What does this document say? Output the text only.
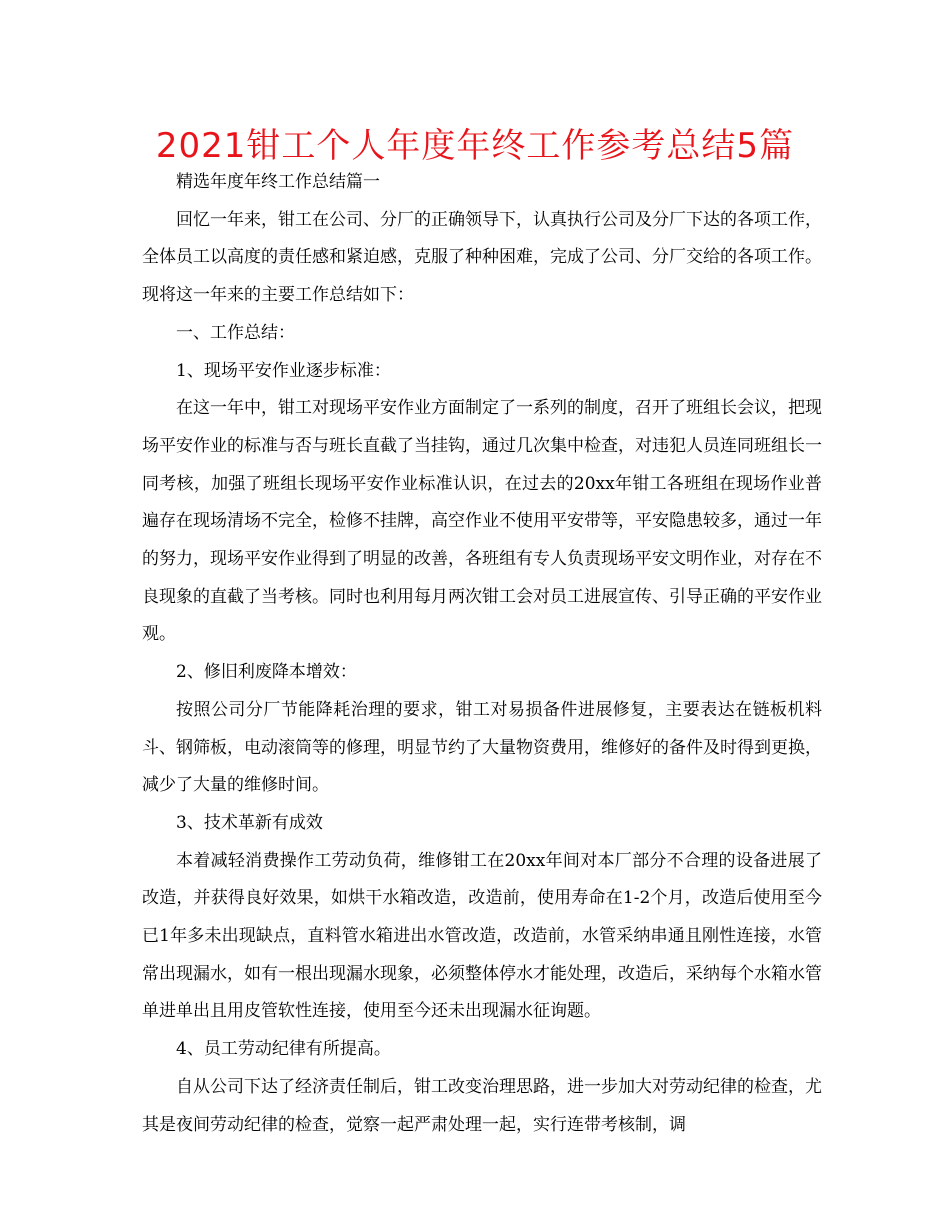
2021钳工个人年度年终工作参考总结5篇

精选年度年终工作总结篇一

回忆一年来，钳工在公司、分厂的正确领导下，认真执行公司及分厂下达的各项工作，全体员工以高度的责任感和紧迫感，克服了种种困难，完成了公司、分厂交给的各项工作。现将这一年来的主要工作总结如下：

一、工作总结：

1、现场平安作业逐步标准：

在这一年中，钳工对现场平安作业方面制定了一系列的制度，召开了班组长会议，把现场平安作业的标准与否与班长直截了当挂钩，通过几次集中检查，对违犯人员连同班组长一同考核，加强了班组长现场平安作业标准认识，在过去的20xx年钳工各班组在现场作业普遍存在现场清场不完全，检修不挂牌，高空作业不使用平安带等，平安隐患较多，通过一年的努力，现场平安作业得到了明显的改善，各班组有专人负责现场平安文明作业，对存在不良现象的直截了当考核。同时也利用每月两次钳工会对员工进展宣传、引导正确的平安作业观。

2、修旧利废降本增效：

按照公司分厂节能降耗治理的要求，钳工对易损备件进展修复，主要表达在链板机料斗、钢筛板，电动滚筒等的修理，明显节约了大量物资费用，维修好的备件及时得到更换，减少了大量的维修时间。

3、技术革新有成效

本着减轻消费操作工劳动负荷，维修钳工在20xx年间对本厂部分不合理的设备进展了改造，并获得良好效果，如烘干水箱改造，改造前，使用寿命在1-2个月，改造后使用至今已1年多未出现缺点，直料管水箱进出水管改造，改造前，水管采纳串通且刚性连接，水管常出现漏水，如有一根出现漏水现象，必须整体停水才能处理，改造后，采纳每个水箱水管单进单出且用皮管软性连接，使用至今还未出现漏水征询题。

4、员工劳动纪律有所提高。

自从公司下达了经济责任制后，钳工改变治理思路，进一步加大对劳动纪律的检查，尤其是夜间劳动纪律的检查，觉察一起严肃处理一起，实行连带考核制，调
